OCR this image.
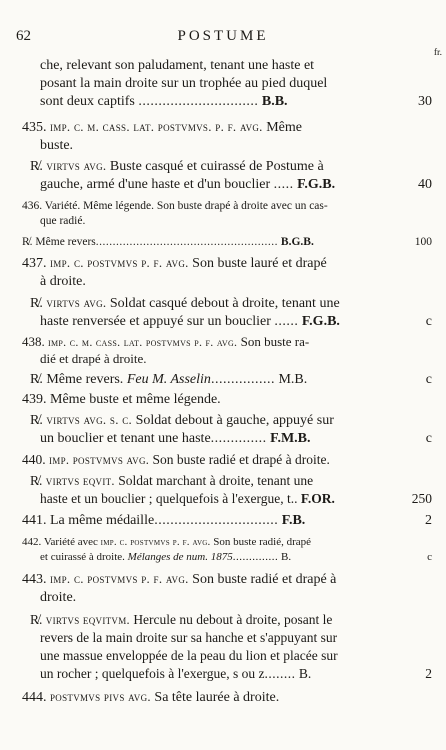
62	POSTUME
fr.
che, relevant son paludament, tenant une haste et
posant la main droite sur un trophée au pied duquel
sont deux captifs .............................. B.B.	30
435. imp. c. m. cass. lat. postvmvs. p. f. avg. Même
buste.
R̸. virtvs avg. Buste casqué et cuirassé de Postume à
gauche, armé d'une haste et d'un bouclier ..... F.G.B.	40
436. Variété. Même légende. Son buste drapé à droite avec un cas-
que radié.
R̸. Même revers...................................................... B.G.B.	100
437. imp. c. postvmvs p. f. avg. Son buste lauré et drapé
à droite.
R̸. virtvs avg. Soldat casqué debout à droite, tenant une
haste renversée et appuyé sur un bouclier ...... F.G.B.	c
438. imp. c. m. cass. lat. postvmvs p. f. avg. Son buste ra-
dié et drapé à droite.
R̸. Même revers. Feu M. Asselin................ M.B.	c
439. Même buste et même légende.
R̸. virtvs avg. s. c. Soldat debout à gauche, appuyé sur
un bouclier et tenant une haste.............. F.M.B.	c
440. imp. postvmvs avg. Son buste radié et drapé à droite.
R̸. virtvs eqvit. Soldat marchant à droite, tenant une
haste et un bouclier ; quelquefois à l'exergue, t.. F.OR.	250
441. La même médaille............................... F.B.	2
442. Variété avec imp. c. postvmvs p. f. avg. Son buste radié, drapé
et cuirassé à droite. Mélanges de num. 1875.............. B.	c
443. imp. c. postvmvs p. f. avg. Son buste radié et drapé à
droite.
R̸. virtvs eqvitvm. Hercule nu debout à droite, posant le
revers de la main droite sur sa hanche et s'appuyant sur
une massue enveloppée de la peau du lion et placée sur
un rocher ; quelquefois à l'exergue, s ou z........ B.	2
444. postvmvs pivs avg. Sa tête laurée à droite.
